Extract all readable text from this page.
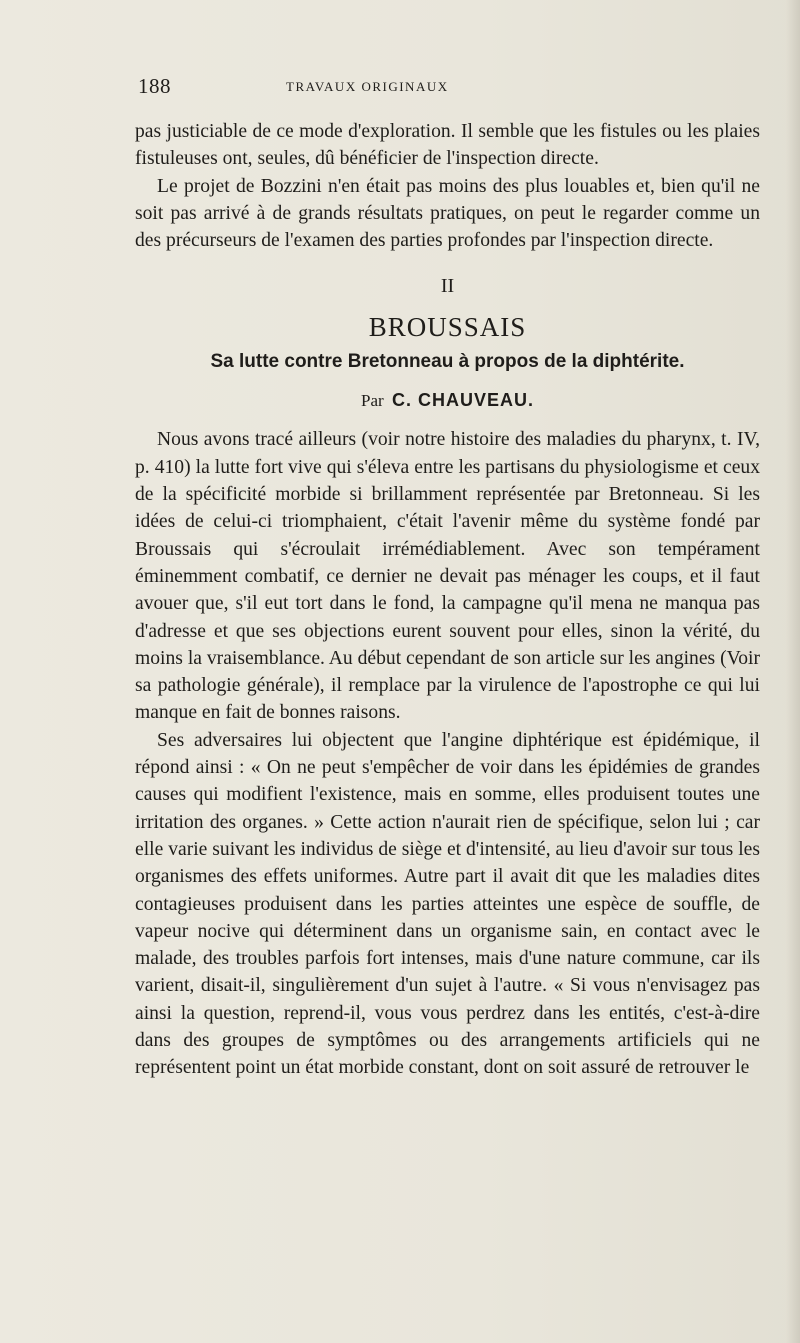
188	TRAVAUX ORIGINAUX

pas justiciable de ce mode d'exploration. Il semble que les fistules ou les plaies fistuleuses ont, seules, dû bénéficier de l'inspection directe.

Le projet de Bozzini n'en était pas moins des plus louables et, bien qu'il ne soit pas arrivé à de grands résultats pratiques, on peut le regarder comme un des précurseurs de l'examen des parties profondes par l'inspection directe.

II
BROUSSAIS
Sa lutte contre Bretonneau à propos de la diphtérite.
Par C. CHAUVEAU.

Nous avons tracé ailleurs (voir notre histoire des maladies du pharynx, t. IV, p. 410) la lutte fort vive qui s'éleva entre les partisans du physiologisme et ceux de la spécificité morbide si brillamment représentée par Bretonneau. Si les idées de celui-ci triomphaient, c'était l'avenir même du système fondé par Broussais qui s'écroulait irrémédiablement. Avec son tempérament éminemment combatif, ce dernier ne devait pas ménager les coups, et il faut avouer que, s'il eut tort dans le fond, la campagne qu'il mena ne manqua pas d'adresse et que ses objections eurent souvent pour elles, sinon la vérité, du moins la vraisemblance. Au début cependant de son article sur les angines (Voir sa pathologie générale), il remplace par la virulence de l'apostrophe ce qui lui manque en fait de bonnes raisons.

Ses adversaires lui objectent que l'angine diphtérique est épidémique, il répond ainsi : « On ne peut s'empêcher de voir dans les épidémies de grandes causes qui modifient l'existence, mais en somme, elles produisent toutes une irritation des organes. » Cette action n'aurait rien de spécifique, selon lui ; car elle varie suivant les individus de siège et d'intensité, au lieu d'avoir sur tous les organismes des effets uniformes. Autre part il avait dit que les maladies dites contagieuses produisent dans les parties atteintes une espèce de souffle, de vapeur nocive qui déterminent dans un organisme sain, en contact avec le malade, des troubles parfois fort intenses, mais d'une nature commune, car ils varient, disait-il, singulièrement d'un sujet à l'autre. « Si vous n'envisagez pas ainsi la question, reprend-il, vous vous perdrez dans les entités, c'est-à-dire dans des groupes de symptômes ou des arrangements artificiels qui ne représentent point un état morbide constant, dont on soit assuré de retrouver le
